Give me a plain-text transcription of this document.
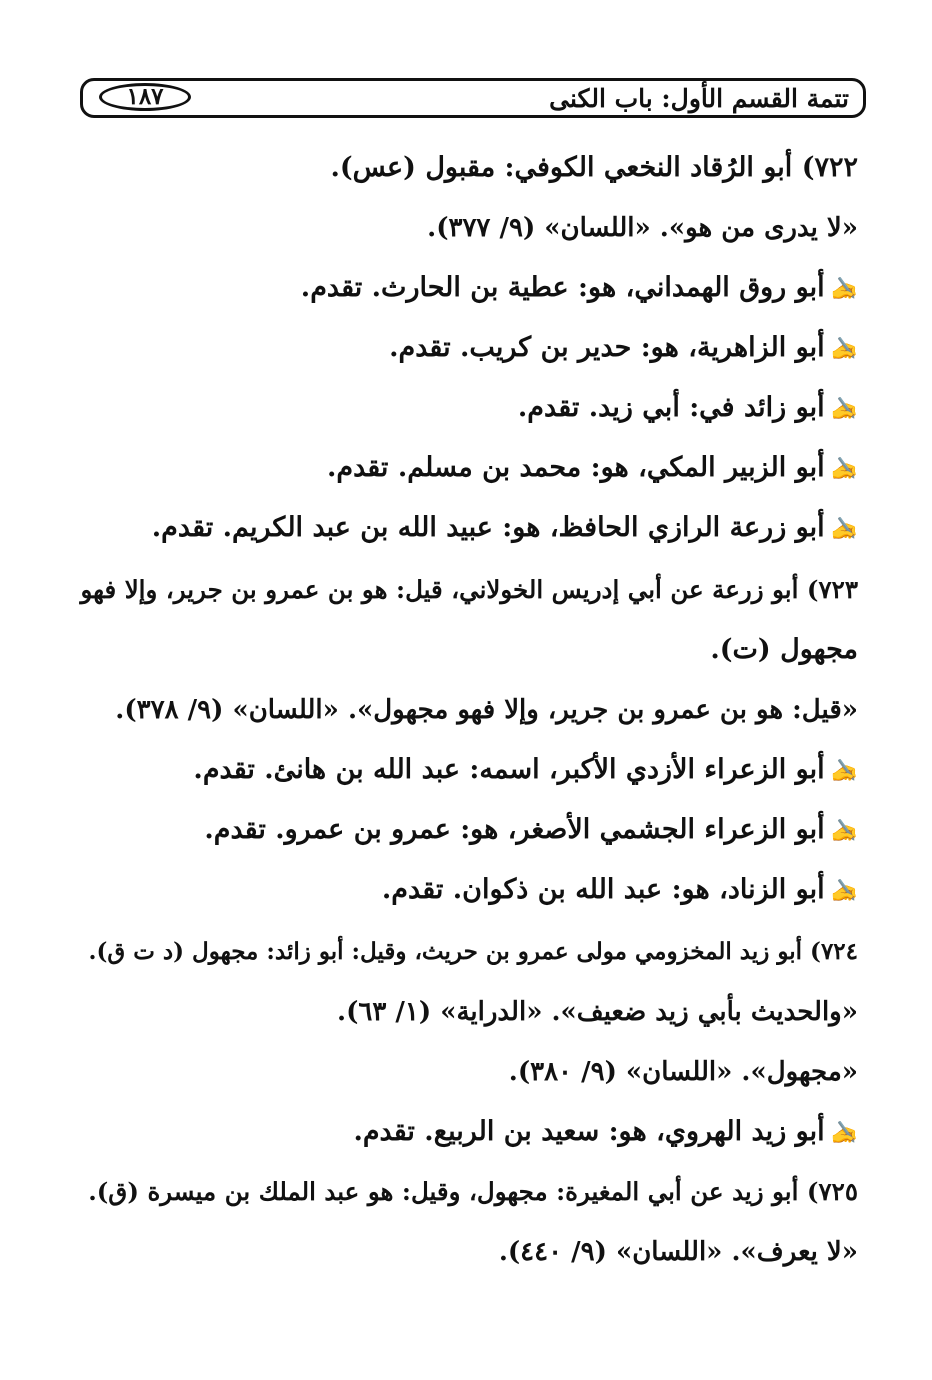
تتمة القسم الأول: باب الكنى
١٨٧
٧٢٢) أبو الرُقاد النخعي الكوفي: مقبول (عس).
«لا يدرى من هو». «اللسان» (٩/ ٣٧٧).
✍أبو روق الهمداني، هو: عطية بن الحارث. تقدم.
✍أبو الزاهرية، هو: حدير بن كريب. تقدم.
✍أبو زائد في: أبي زيد. تقدم.
✍أبو الزبير المكي، هو: محمد بن مسلم. تقدم.
✍أبو زرعة الرازي الحافظ، هو: عبيد الله بن عبد الكريم. تقدم.
٧٢٣) أبو زرعة عن أبي إدريس الخولاني، قيل: هو بن عمرو بن جرير، وإلا فهو
مجهول (ت).
«قيل: هو بن عمرو بن جرير، وإلا فهو مجهول». «اللسان» (٩/ ٣٧٨).
✍أبو الزعراء الأزدي الأكبر، اسمه: عبد الله بن هانئ. تقدم.
✍أبو الزعراء الجشمي الأصغر، هو: عمرو بن عمرو. تقدم.
✍أبو الزناد، هو: عبد الله بن ذكوان. تقدم.
٧٢٤) أبو زيد المخزومي مولى عمرو بن حريث، وقيل: أبو زائد: مجهول (د ت ق).
«والحديث بأبي زيد ضعيف». «الدراية» (١/ ٦٣).
«مجهول». «اللسان» (٩/ ٣٨٠).
✍أبو زيد الهروي، هو: سعيد بن الربيع. تقدم.
٧٢٥) أبو زيد عن أبي المغيرة: مجهول، وقيل: هو عبد الملك بن ميسرة (ق).
«لا يعرف». «اللسان» (٩/ ٤٤٠).
